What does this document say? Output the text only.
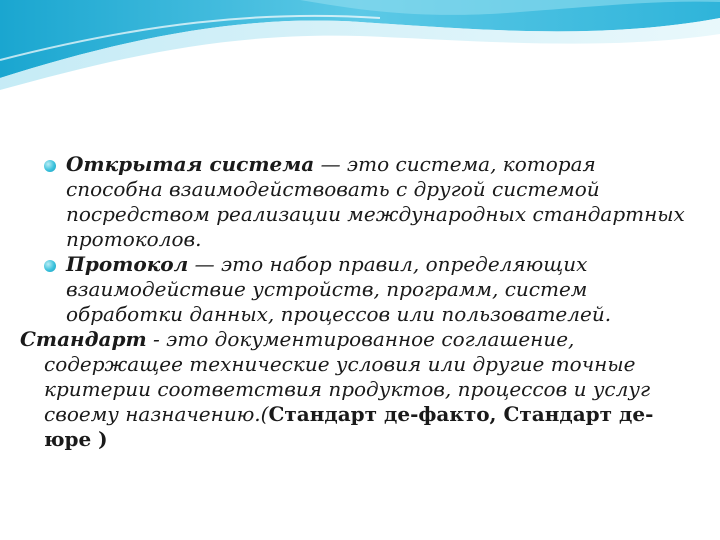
Открытая система — это система, которая способна взаимодействовать с другой системой посредством реализации международных стандартных протоколов.

Протокол — это набор правил, определяющих взаимодействие устройств, программ, систем обработки данных, процессов или пользователей.

Стандарт - это документированное соглашение, содержащее технические условия или другие точные критерии соответствия продуктов, процессов и услуг своему назначению.(Стандарт де-факто, Стандарт де-юре )
